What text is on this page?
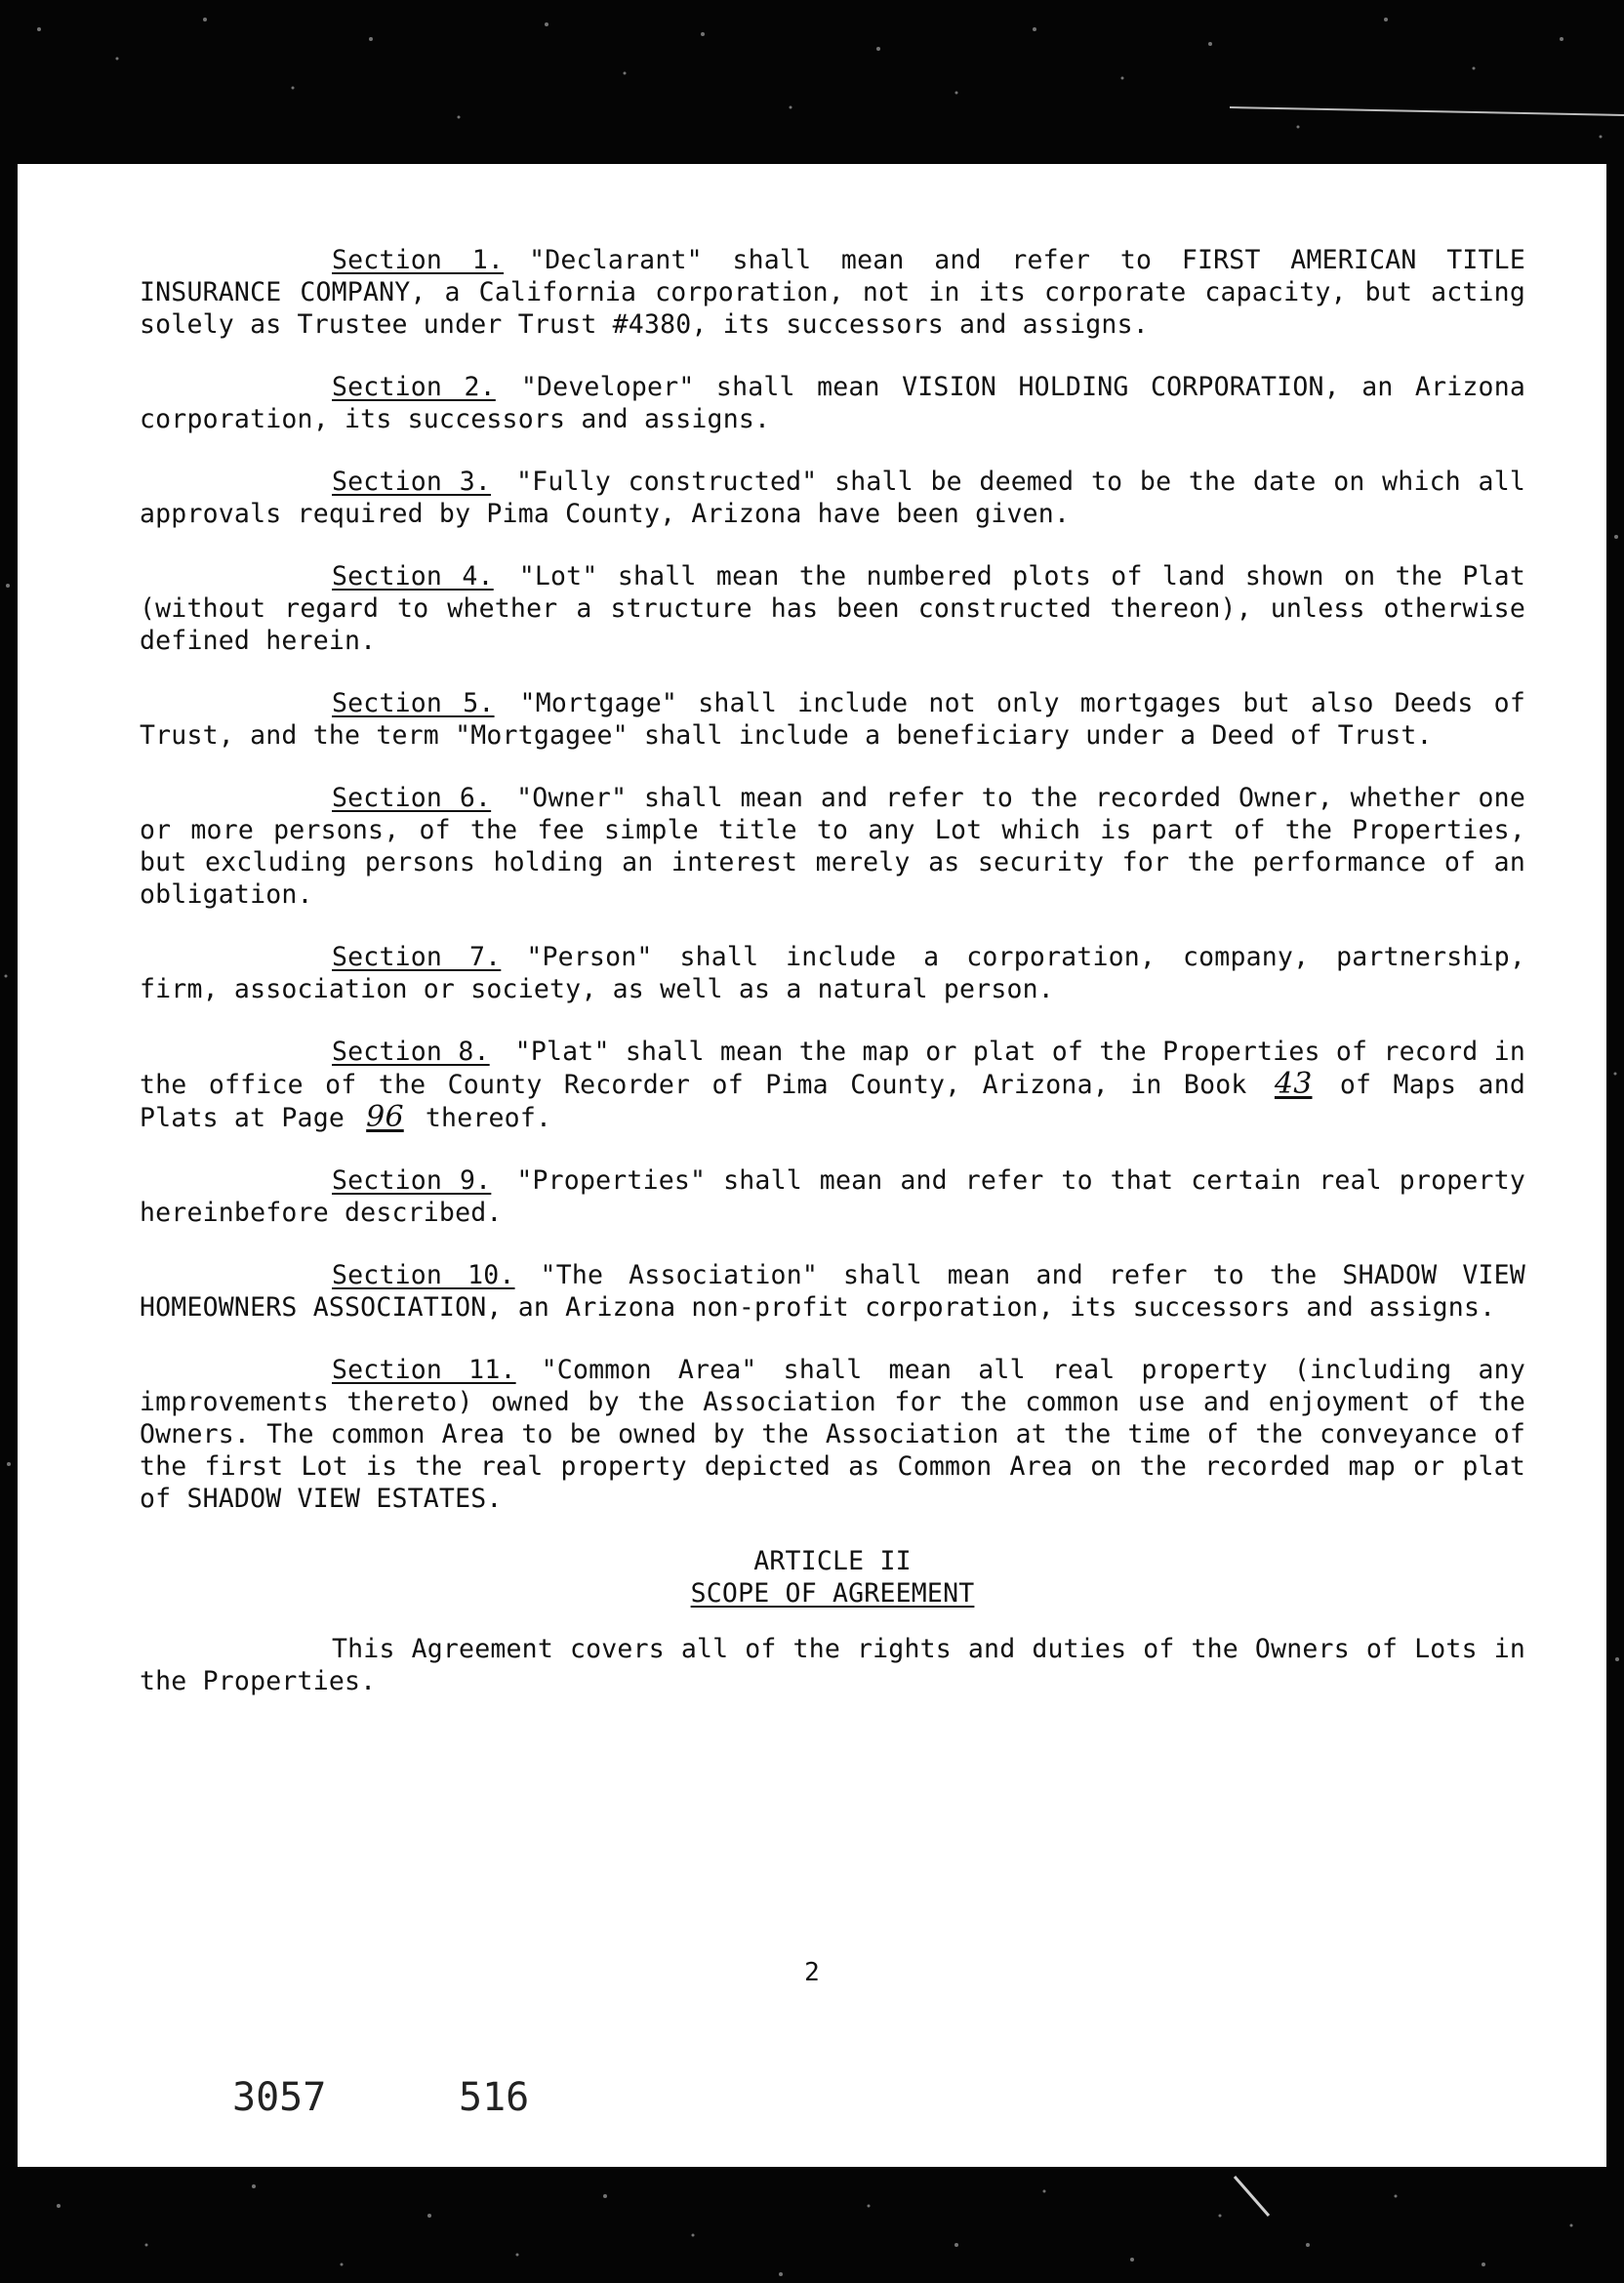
Section 1. "Declarant" shall mean and refer to FIRST AMERICAN TITLE INSURANCE COMPANY, a California corporation, not in its corporate capacity, but acting solely as Trustee under Trust #4380, its successors and assigns.

Section 2. "Developer" shall mean VISION HOLDING CORPORATION, an Arizona corporation, its successors and assigns.

Section 3. "Fully constructed" shall be deemed to be the date on which all approvals required by Pima County, Arizona have been given.

Section 4. "Lot" shall mean the numbered plots of land shown on the Plat (without regard to whether a structure has been constructed thereon), unless otherwise defined herein.

Section 5. "Mortgage" shall include not only mortgages but also Deeds of Trust, and the term "Mortgagee" shall include a beneficiary under a Deed of Trust.

Section 6. "Owner" shall mean and refer to the recorded Owner, whether one or more persons, of the fee simple title to any Lot which is part of the Properties, but excluding persons holding an interest merely as security for the performance of an obligation.

Section 7. "Person" shall include a corporation, company, partnership, firm, association or society, as well as a natural person.

Section 8. "Plat" shall mean the map or plat of the Properties of record in the office of the County Recorder of Pima County, Arizona, in Book 43 of Maps and Plats at Page 96 thereof.

Section 9. "Properties" shall mean and refer to that certain real property hereinbefore described.

Section 10. "The Association" shall mean and refer to the SHADOW VIEW HOMEOWNERS ASSOCIATION, an Arizona non-profit corporation, its successors and assigns.

Section 11. "Common Area" shall mean all real property (including any improvements thereto) owned by the Association for the common use and enjoyment of the Owners. The common Area to be owned by the Association at the time of the conveyance of the first Lot is the real property depicted as Common Area on the recorded map or plat of SHADOW VIEW ESTATES.

ARTICLE II
SCOPE OF AGREEMENT

This Agreement covers all of the rights and duties of the Owners of Lots in the Properties.

2
3057	516
